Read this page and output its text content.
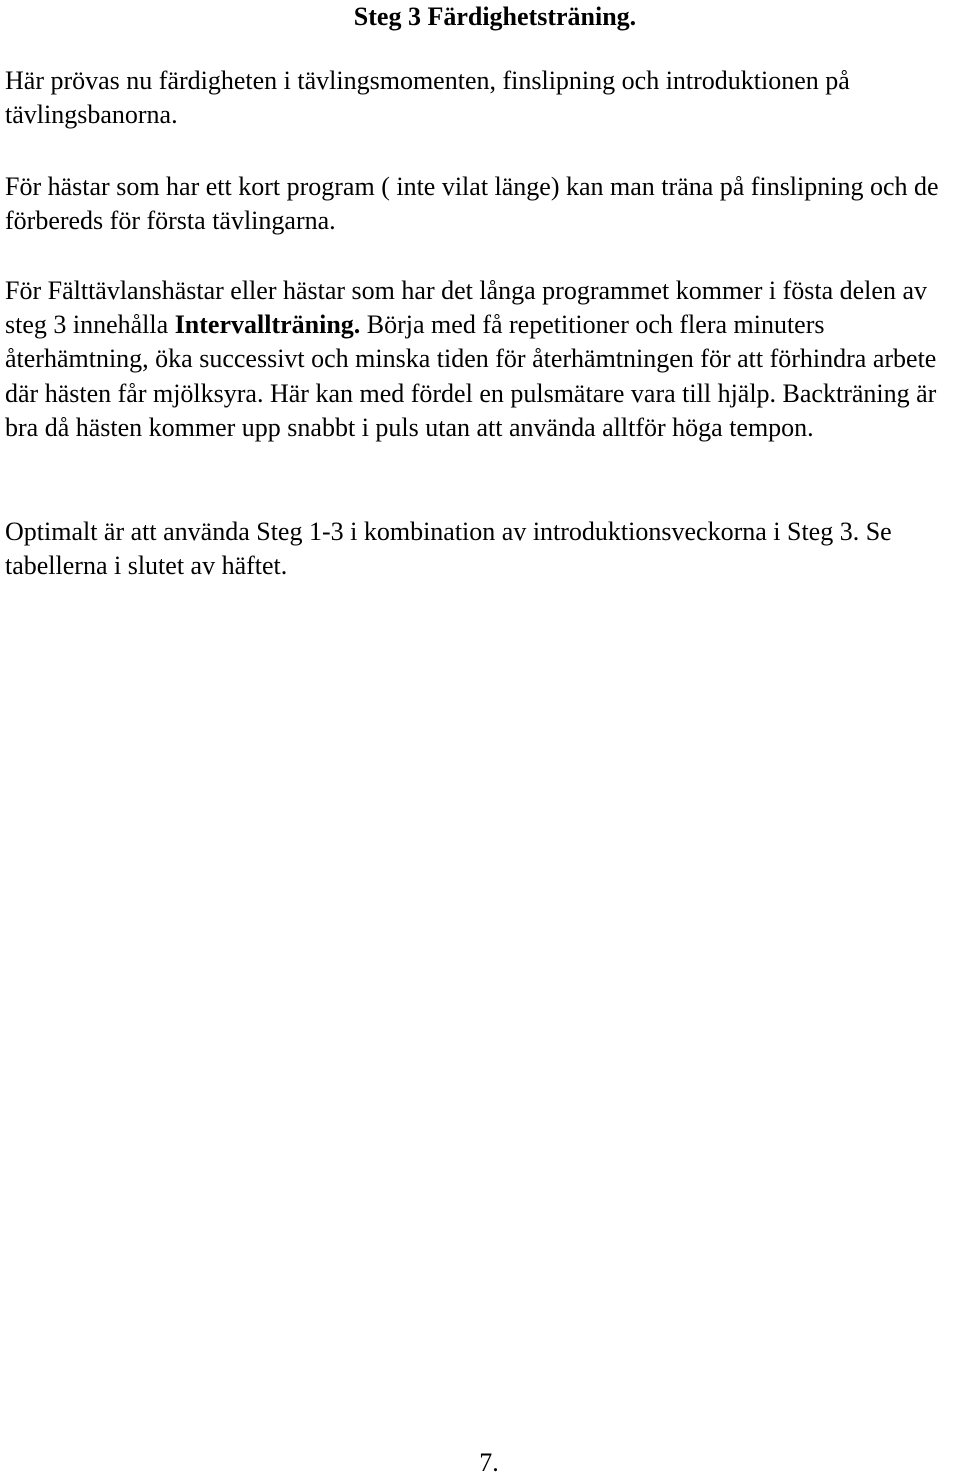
Steg 3 Färdighetsträning.

Här prövas nu färdigheten i tävlingsmomenten, finslipning och introduktionen på tävlingsbanorna.

För hästar som har ett kort program ( inte vilat länge) kan man träna på finslipning och de förbereds för första tävlingarna.

För Fälttävlanshästar eller hästar som har det långa programmet kommer i fösta delen av steg 3 innehålla Intervallträning. Börja med få repetitioner och flera minuters återhämtning, öka successivt och minska tiden för återhämtningen för att förhindra arbete där hästen får mjölksyra. Här kan med fördel en pulsmätare vara till hjälp. Backträning är bra då hästen kommer upp snabbt i puls utan att använda alltför höga tempon.

Optimalt är att använda Steg 1-3 i kombination av introduktionsveckorna i Steg 3. Se tabellerna i slutet av häftet.

7.
